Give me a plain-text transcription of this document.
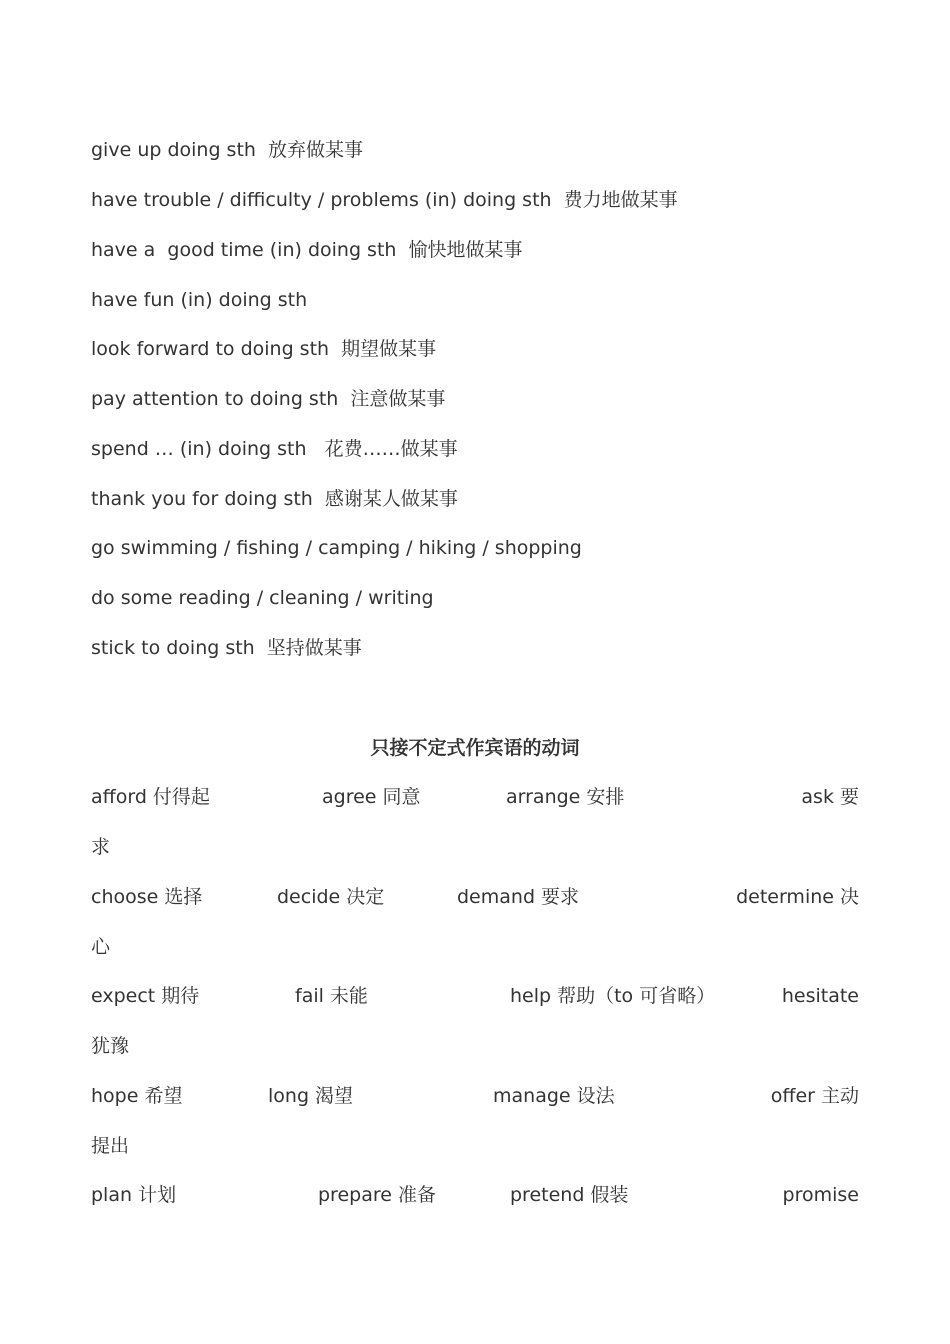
give up doing sth  放弃做某事
have trouble / difficulty / problems (in) doing sth  费力地做某事
have a  good time (in) doing sth  愉快地做某事
have fun (in) doing sth
look forward to doing sth  期望做某事
pay attention to doing sth  注意做某事
spend … (in) doing sth   花费……做某事
thank you for doing sth  感谢某人做某事
go swimming / fishing / camping / hiking / shopping
do some reading / cleaning / writing
stick to doing sth  坚持做某事
只接不定式作宾语的动词
afford 付得起	agree 同意	arrange 安排	ask 要
求
choose 选择	decide 决定	demand 要求	determine 决
心
expect 期待	fail 未能	help 帮助（to 可省略）	hesitate
犹豫
hope 希望	long 渴望	manage 设法	offer 主动
提出
plan 计划	prepare 准备	pretend 假装	promise
